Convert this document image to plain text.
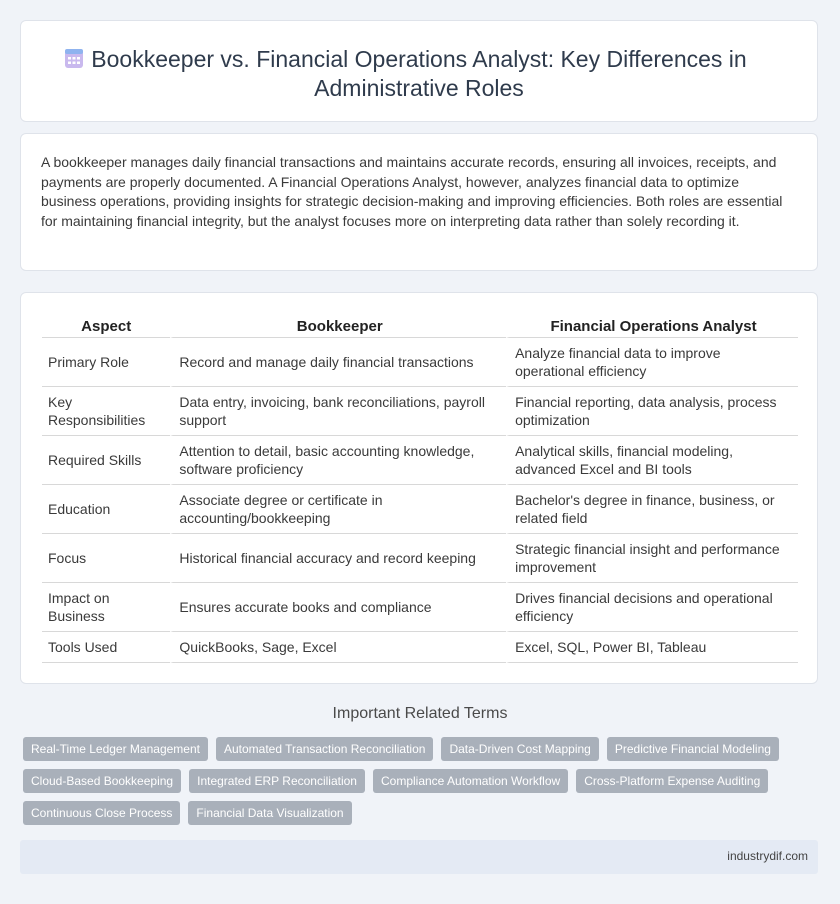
Bookkeeper vs. Financial Operations Analyst: Key Differences in Administrative Roles
A bookkeeper manages daily financial transactions and maintains accurate records, ensuring all invoices, receipts, and payments are properly documented. A Financial Operations Analyst, however, analyzes financial data to optimize business operations, providing insights for strategic decision-making and improving efficiencies. Both roles are essential for maintaining financial integrity, but the analyst focuses more on interpreting data rather than solely recording it.
Aspect	Bookkeeper	Financial Operations Analyst
Primary Role	Record and manage daily financial transactions	Analyze financial data to improve operational efficiency
Key Responsibilities	Data entry, invoicing, bank reconciliations, payroll support	Financial reporting, data analysis, process optimization
Required Skills	Attention to detail, basic accounting knowledge, software proficiency	Analytical skills, financial modeling, advanced Excel and BI tools
Education	Associate degree or certificate in accounting/bookkeeping	Bachelor's degree in finance, business, or related field
Focus	Historical financial accuracy and record keeping	Strategic financial insight and performance improvement
Impact on Business	Ensures accurate books and compliance	Drives financial decisions and operational efficiency
Tools Used	QuickBooks, Sage, Excel	Excel, SQL, Power BI, Tableau
Important Related Terms
Real-Time Ledger Management	Automated Transaction Reconciliation	Data-Driven Cost Mapping	Predictive Financial Modeling
Cloud-Based Bookkeeping	Integrated ERP Reconciliation	Compliance Automation Workflow	Cross-Platform Expense Auditing
Continuous Close Process	Financial Data Visualization
industrydif.com
